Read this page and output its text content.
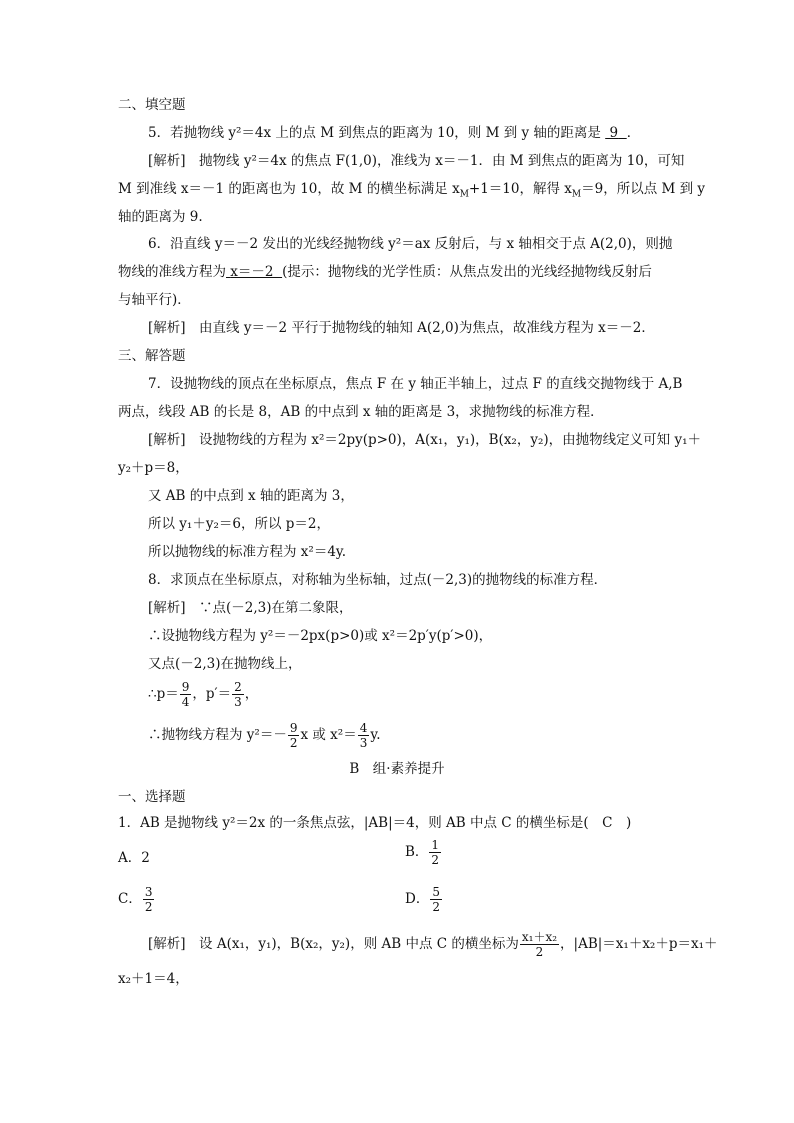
二、填空题
5．若抛物线 y²＝4x 上的点 M 到焦点的距离为 10，则 M 到 y 轴的距离是 9 ．
[解析]　抛物线 y²＝4x 的焦点 F(1,0)，准线为 x＝－1．由 M 到焦点的距离为 10，可知
M 到准线 x＝－1 的距离也为 10，故 M 的横坐标满足 $x_M+1=10$，解得 $x_M=9$，所以点 M 到 y
轴的距离为 9.
6．沿直线 y＝－2 发出的光线经抛物线 y²＝ax 反射后，与 x 轴相交于点 A(2,0)，则抛
物线的准线方程为 x＝－2 (提示：抛物线的光学性质：从焦点发出的光线经抛物线反射后
与轴平行)．
[解析]　由直线 y＝－2 平行于抛物线的轴知 A(2,0)为焦点，故准线方程为 x＝－2．
三、解答题
7．设抛物线的顶点在坐标原点，焦点 F 在 y 轴正半轴上，过点 F 的直线交抛物线于 A,B
两点，线段 AB 的长是 8，AB 的中点到 x 轴的距离是 3，求抛物线的标准方程．
[解析]　设抛物线的方程为 x²＝2py(p>0)，A(x₁，y₁)，B(x₂，y₂)，由抛物线定义可知 y₁＋
y₂＋p＝8，
又 AB 的中点到 x 轴的距离为 3，
所以 y₁＋y₂＝6，所以 p＝2，
所以抛物线的标准方程为 x²＝4y.
8．求顶点在坐标原点，对称轴为坐标轴，过点(－2,3)的抛物线的标准方程．
[解析]　∵点(－2,3)在第二象限，
∴设抛物线方程为 y²＝－2px(p>0)或 x²＝2p′y(p′>0)，
又点(－2,3)在抛物线上，
∴p＝ $\frac{9}{4}$ ，$p'= \frac{2}{3}$ ，
∴抛物线方程为 $y^2=- \frac{9}{2}$ x 或 $x^2= \frac{4}{3} y$.
B　组·素养提升
一、选择题
1．AB 是抛物线 y²＝2x 的一条焦点弦，|AB|＝4，则 AB 中点 C 的横坐标是(　C　)
A．2	B． $\frac{1}{2}$
C． $\frac{3}{2}$	D． $\frac{5}{2}$
[解析]　设 A(x₁，y₁)，B(x₂，y₂)，则 AB 中点 C 的横坐标为 $\frac{\text{x₁＋x₂}}{2}$ ，|AB|＝x₁＋x₂＋p＝x₁＋
x₂＋1＝4，
